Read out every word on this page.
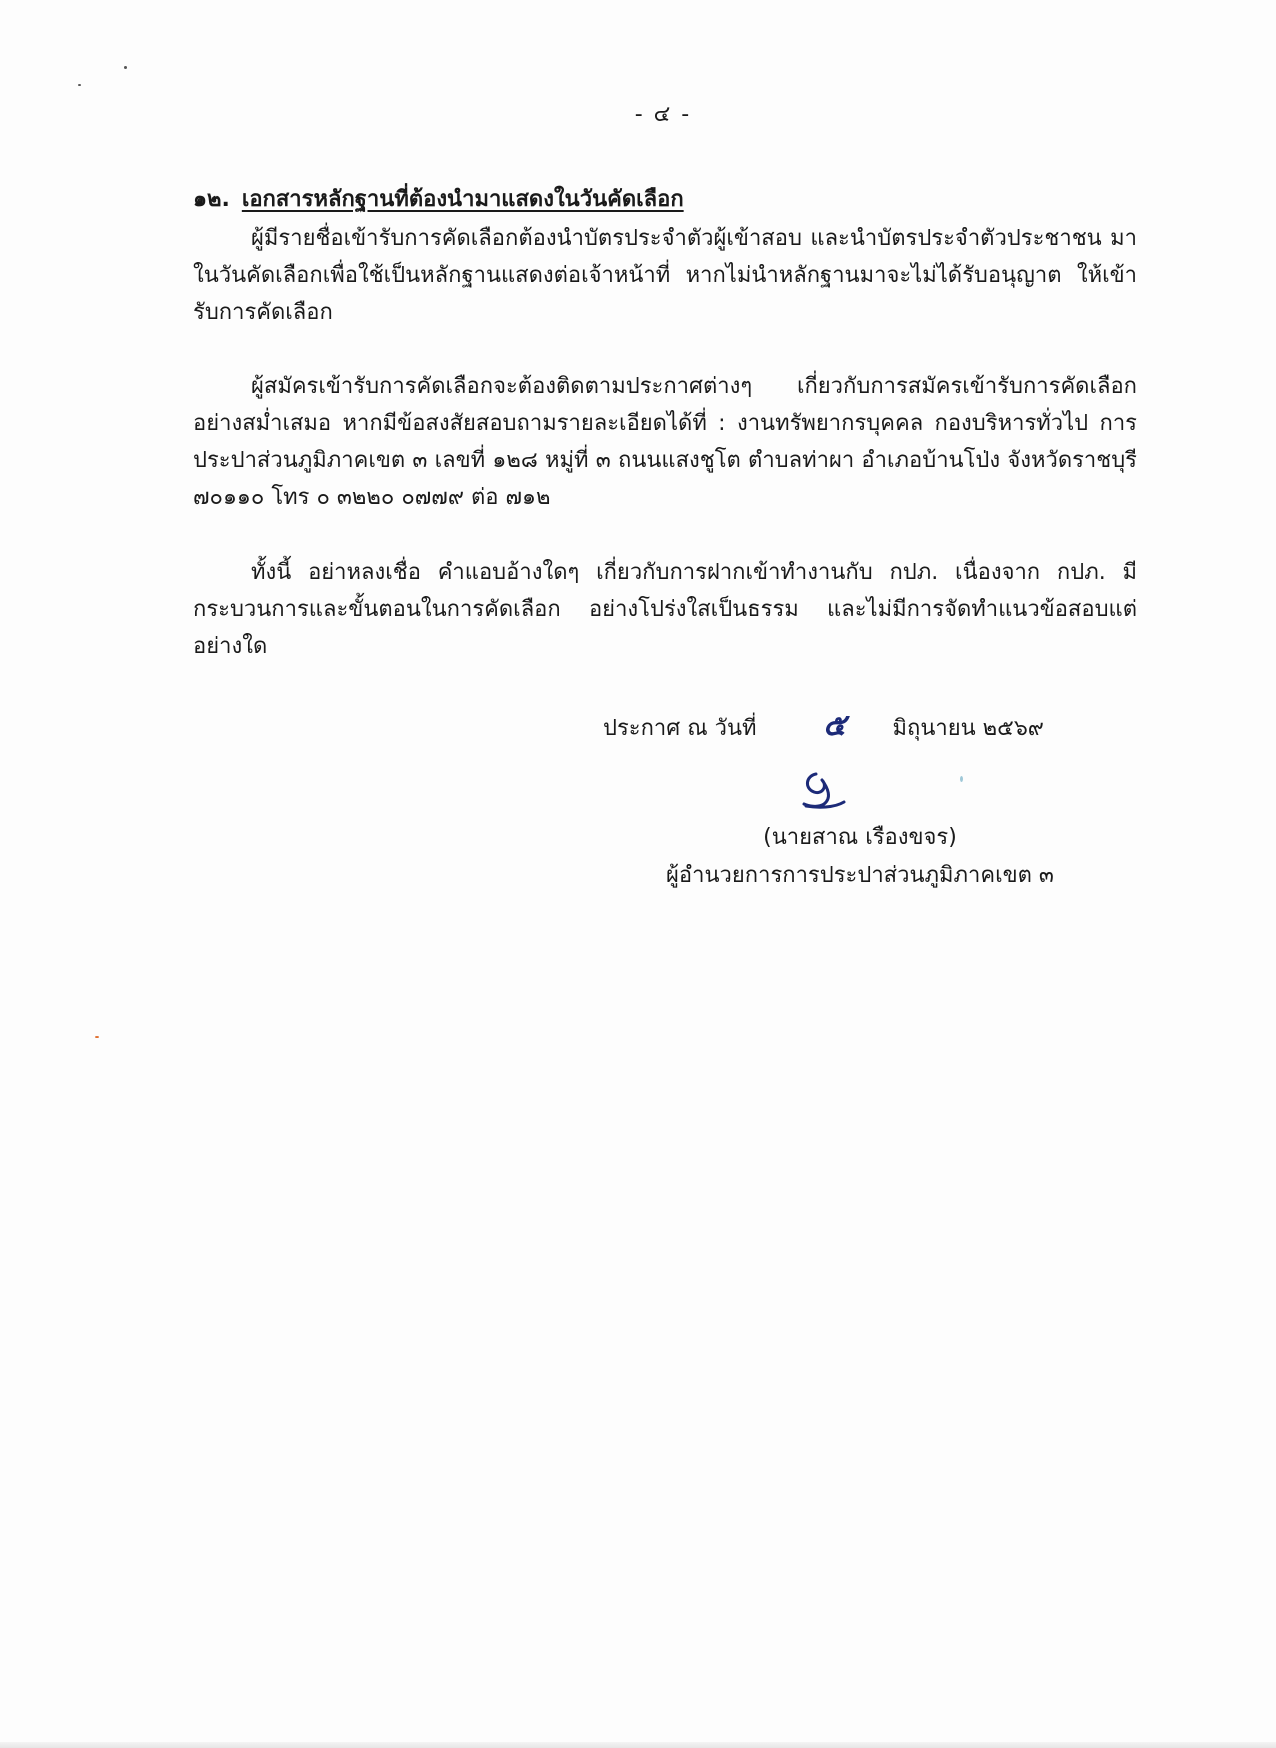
- ๔ -
๑๒. เอกสารหลักฐานที่ต้องนำมาแสดงในวันคัดเลือก

ผู้มีรายชื่อเข้ารับการคัดเลือกต้องนำบัตรประจำตัวผู้เข้าสอบ และนำบัตรประจำตัวประชาชน มาในวันคัดเลือกเพื่อใช้เป็นหลักฐานแสดงต่อเจ้าหน้าที่ หากไม่นำหลักฐานมาจะไม่ได้รับอนุญาต ให้เข้ารับการคัดเลือก

ผู้สมัครเข้ารับการคัดเลือกจะต้องติดตามประกาศต่างๆ เกี่ยวกับการสมัครเข้ารับการคัดเลือก อย่างสม่ำเสมอ หากมีข้อสงสัยสอบถามรายละเอียดได้ที่ : งานทรัพยากรบุคคล กองบริหารทั่วไป การประปาส่วนภูมิภาคเขต ๓ เลขที่ ๑๒๘ หมู่ที่ ๓ ถนนแสงชูโต ตำบลท่าผา อำเภอบ้านโป่ง จังหวัดราชบุรี ๗๐๑๑๐ โทร ๐ ๓๒๒๐ ๐๗๗๙ ต่อ ๗๑๒

ทั้งนี้ อย่าหลงเชื่อ คำแอบอ้างใดๆ เกี่ยวกับการฝากเข้าทำงานกับ กปภ. เนื่องจาก กปภ. มีกระบวนการและขั้นตอนในการคัดเลือก อย่างโปร่งใสเป็นธรรม และไม่มีการจัดทำแนวข้อสอบแต่อย่างใด

ประกาศ ณ วันที่ ๕ มิถุนายน ๒๕๖๙
(นายสาณ เรืองขจร)
ผู้อำนวยการการประปาส่วนภูมิภาคเขต ๓
